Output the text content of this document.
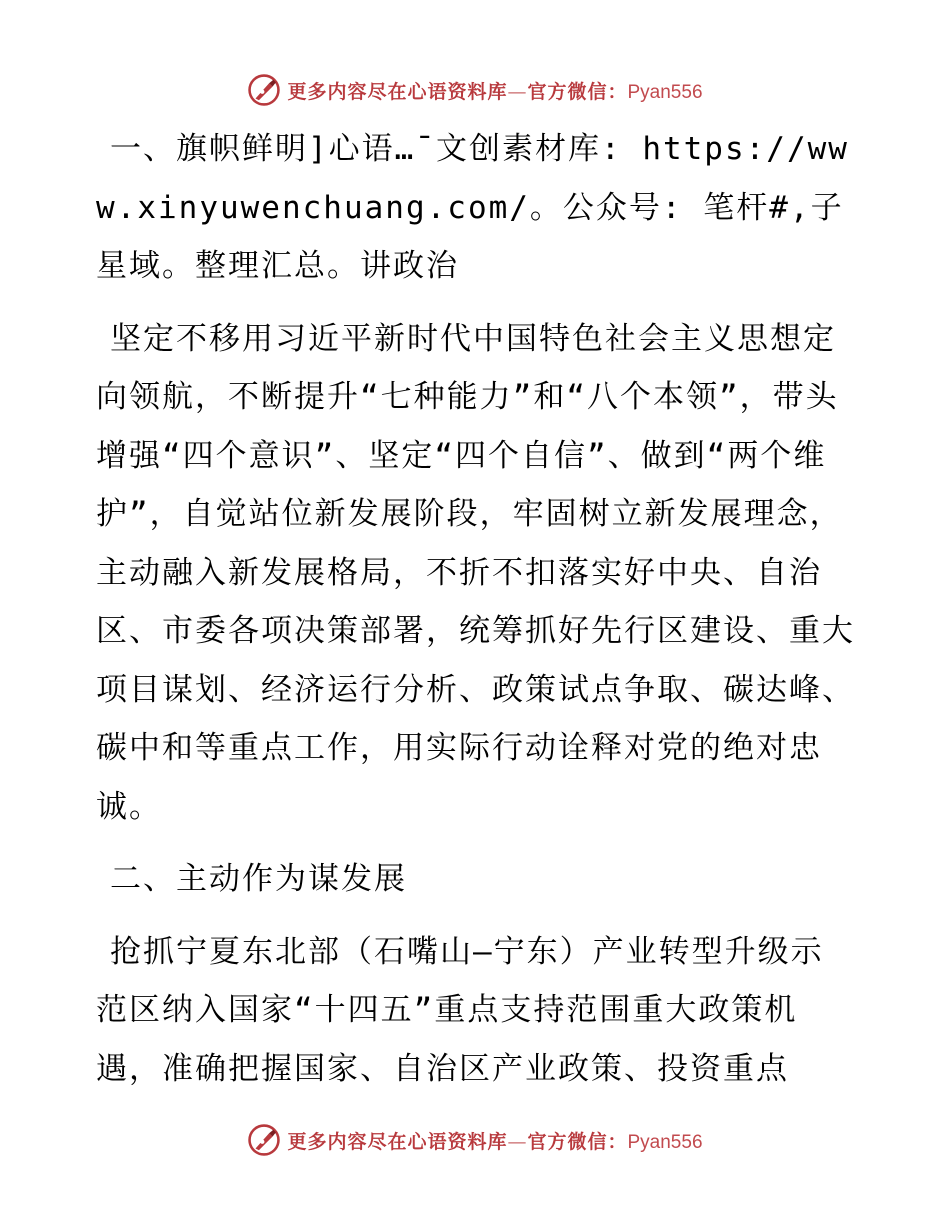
更多内容尽在心语资料库—官方微信：Pyan556

一、旗帜鲜明]心语…¯文创素材库: https://www.xinyuwenchuang.com/。公众号: 笔杆#,子星域。整理汇总。讲政治

坚定不移用习近平新时代中国特色社会主义思想定向领航，不断提升“七种能力”和“八个本领”，带头增强“四个意识”、坚定“四个自信”、做到“两个维护”，自觉站位新发展阶段，牢固树立新发展理念，主动融入新发展格局，不折不扣落实好中央、自治区、市委各项决策部署，统筹抓好先行区建设、重大项目谋划、经济运行分析、政策试点争取、碳达峰、碳中和等重点工作，用实际行动诠释对党的绝对忠诚。

二、主动作为谋发展

抢抓宁夏东北部（石嘴山—宁东）产业转型升级示范区纳入国家“十四五”重点支持范围重大政策机遇，准确把握国家、自治区产业政策、投资重点

更多内容尽在心语资料库—官方微信：Pyan556
